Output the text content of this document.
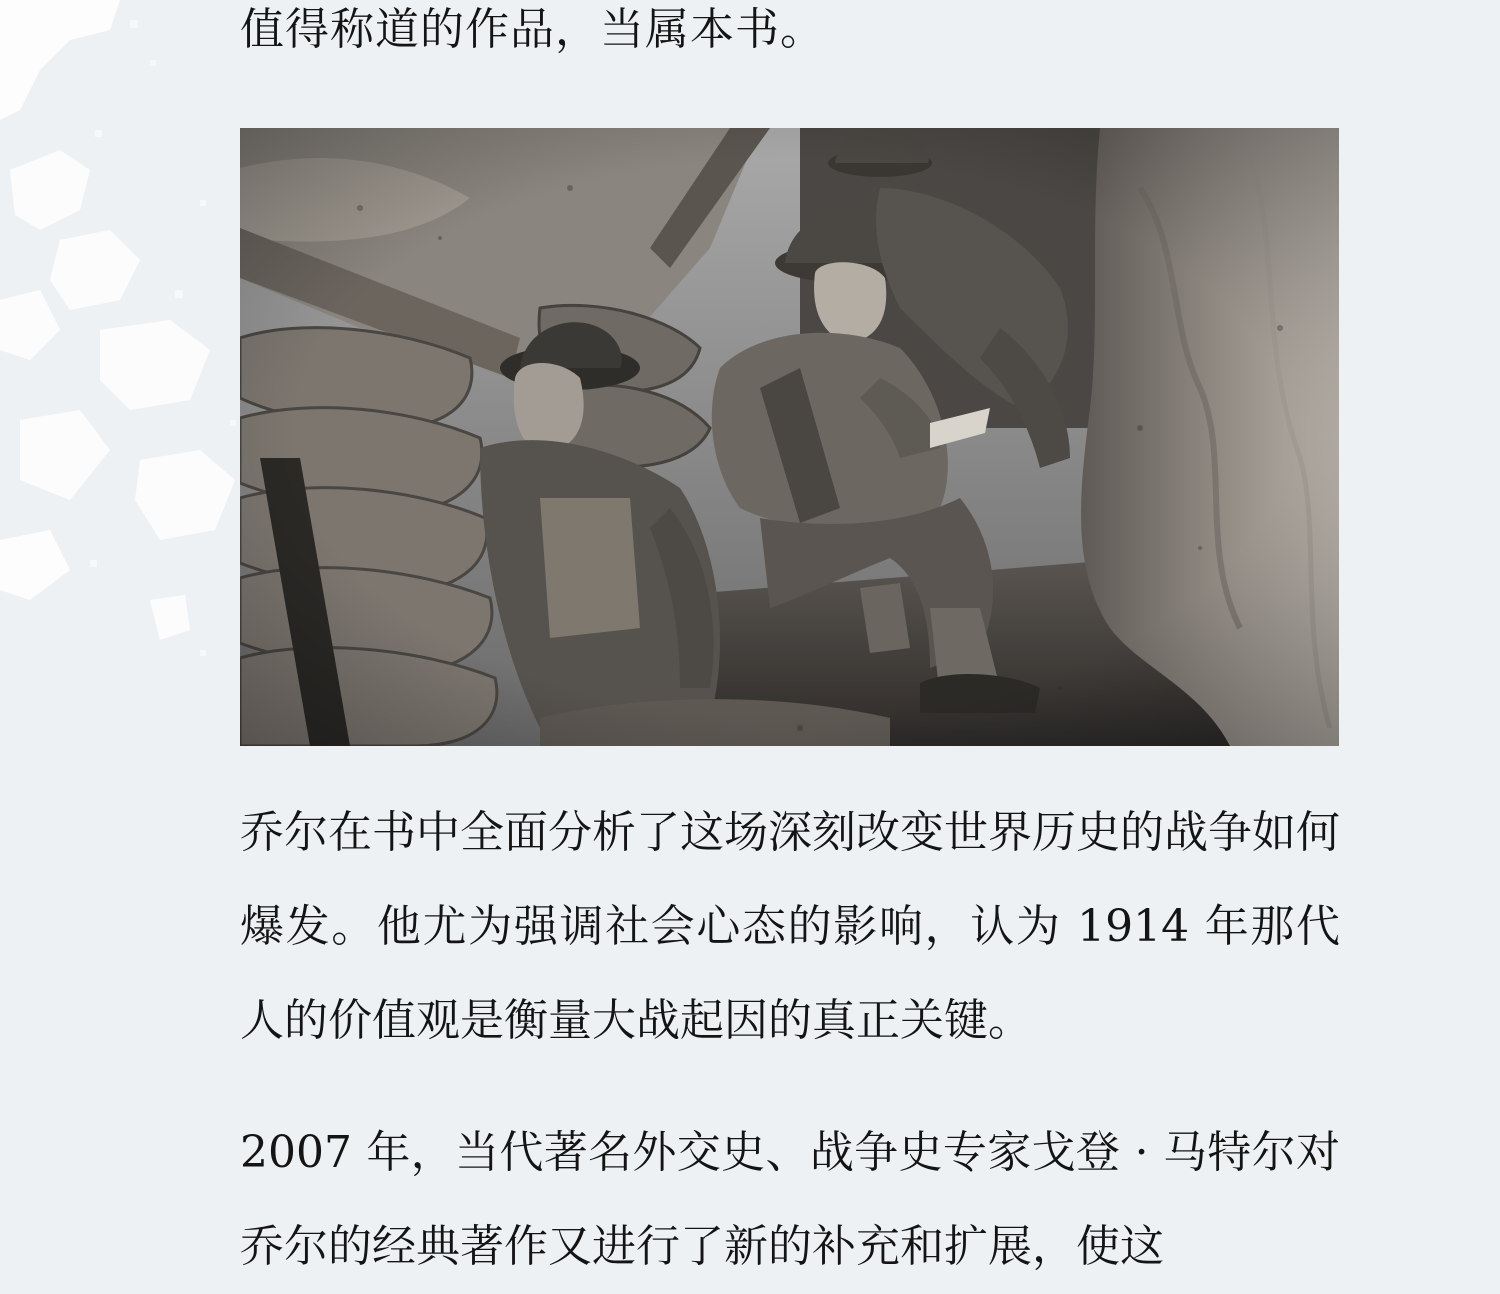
值得称道的作品，当属本书。

乔尔在书中全面分析了这场深刻改变世界历史的战争如何爆发。他尤为强调社会心态的影响，认为 1914 年那代人的价值观是衡量大战起因的真正关键。

2007 年，当代著名外交史、战争史专家戈登 · 马特尔对乔尔的经典著作又进行了新的补充和扩展，使这
